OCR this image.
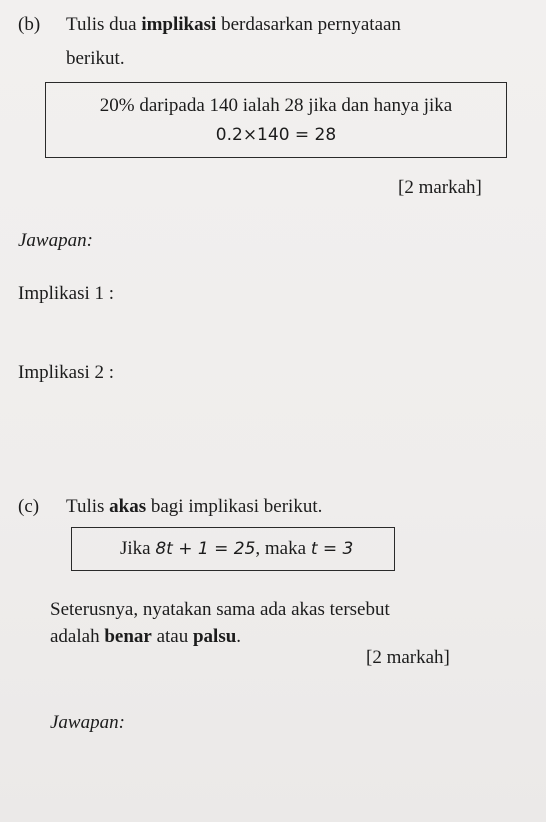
(b) Tulis dua implikasi berdasarkan pernyataan
berikut.
20% daripada 140 ialah 28 jika dan hanya jika
0.2×140 = 28
[2 markah]
Jawapan:
Implikasi 1 :
Implikasi 2 :
(c) Tulis akas bagi implikasi berikut.
Jika 8t + 1 = 25, maka t = 3
Seterusnya, nyatakan sama ada akas tersebut
adalah benar atau palsu.
[2 markah]
Jawapan:
